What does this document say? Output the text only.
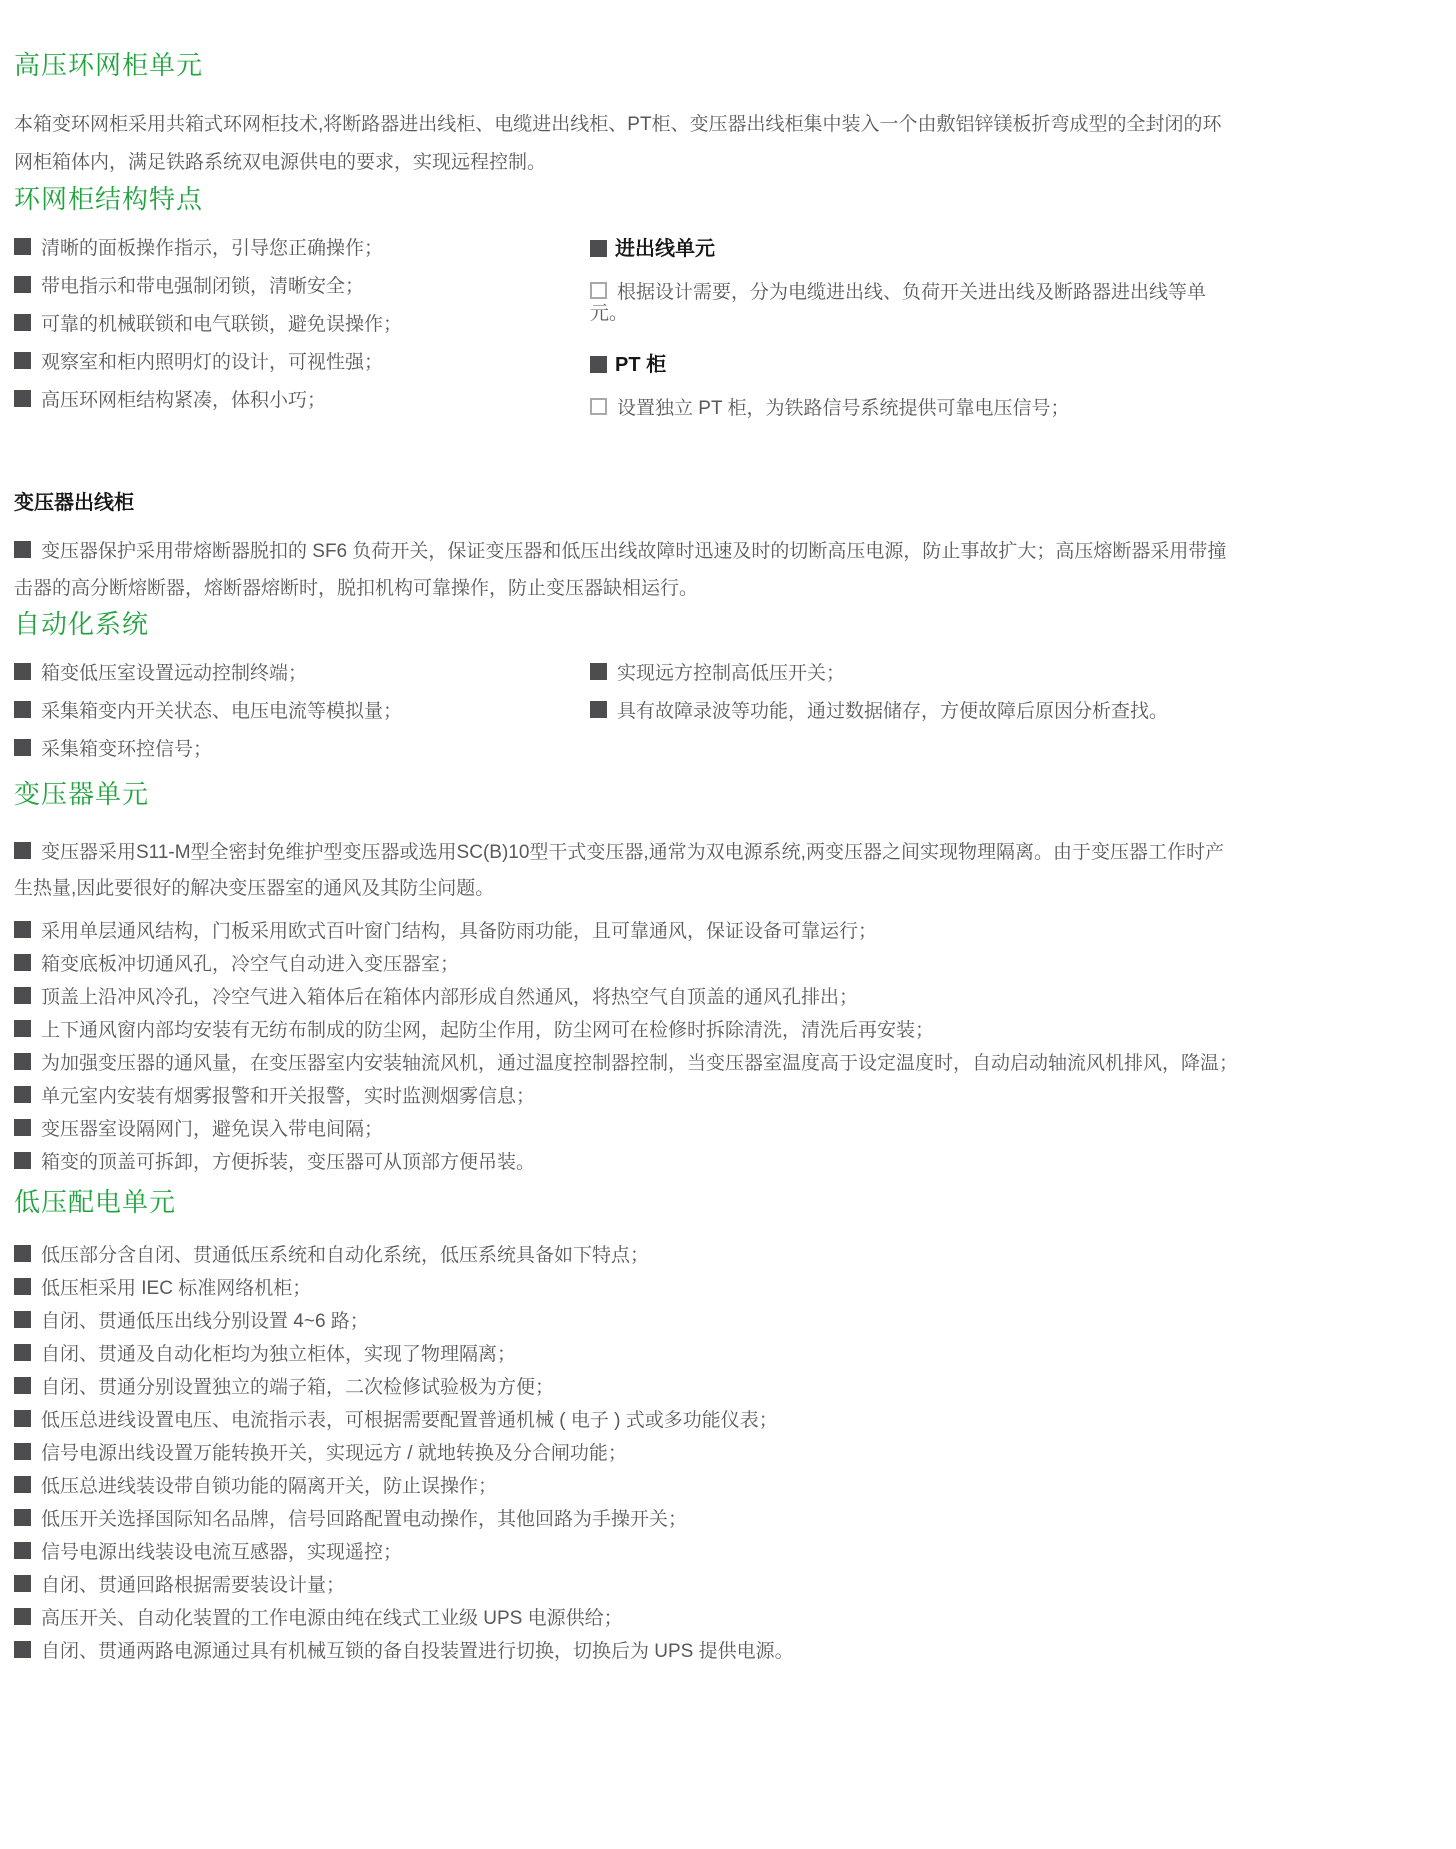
高压环网柜单元

本箱变环网柜采用共箱式环网柜技术,将断路器进出线柜、电缆进出线柜、PT柜、变压器出线柜集中装入一个由敷铝锌镁板折弯成型的全封闭的环网柜箱体内，满足铁路系统双电源供电的要求，实现远程控制。

环网柜结构特点
清晰的面板操作指示，引导您正确操作；
带电指示和带电强制闭锁，清晰安全；
可靠的机械联锁和电气联锁，避免误操作；
观察室和柜内照明灯的设计，可视性强；
高压环网柜结构紧凑，体积小巧；
进出线单元
根据设计需要，分为电缆进出线、负荷开关进出线及断路器进出线等单元。
PT 柜
设置独立 PT 柜，为铁路信号系统提供可靠电压信号；
变压器出线柜

变压器保护采用带熔断器脱扣的 SF6 负荷开关，保证变压器和低压出线故障时迅速及时的切断高压电源，防止事故扩大；高压熔断器采用带撞击器的高分断熔断器，熔断器熔断时，脱扣机构可靠操作，防止变压器缺相运行。

自动化系统
箱变低压室设置远动控制终端；
采集箱变内开关状态、电压电流等模拟量；
采集箱变环控信号；
实现远方控制高低压开关；
具有故障录波等功能，通过数据储存，方便故障后原因分析查找。
变压器单元
变压器采用S11-M型全密封免维护型变压器或选用SC(B)10型干式变压器,通常为双电源系统,两变压器之间实现物理隔离。由于变压器工作时产生热量,因此要很好的解决变压器室的通风及其防尘问题。
采用单层通风结构，门板采用欧式百叶窗门结构，具备防雨功能，且可靠通风，保证设备可靠运行；
箱变底板冲切通风孔，冷空气自动进入变压器室；
顶盖上沿冲风冷孔，冷空气进入箱体后在箱体内部形成自然通风，将热空气自顶盖的通风孔排出；
上下通风窗内部均安装有无纺布制成的防尘网，起防尘作用，防尘网可在检修时拆除清洗，清洗后再安装；
为加强变压器的通风量，在变压器室内安装轴流风机，通过温度控制器控制，当变压器室温度高于设定温度时，自动启动轴流风机排风，降温；
单元室内安装有烟雾报警和开关报警，实时监测烟雾信息；
变压器室设隔网门，避免误入带电间隔；
箱变的顶盖可拆卸，方便拆装，变压器可从顶部方便吊装。
低压配电单元
低压部分含自闭、贯通低压系统和自动化系统，低压系统具备如下特点；
低压柜采用 IEC 标准网络机柜；
自闭、贯通低压出线分别设置 4~6 路；
自闭、贯通及自动化柜均为独立柜体，实现了物理隔离；
自闭、贯通分别设置独立的端子箱，二次检修试验极为方便；
低压总进线设置电压、电流指示表，可根据需要配置普通机械 ( 电子 ) 式或多功能仪表；
信号电源出线设置万能转换开关，实现远方 / 就地转换及分合闸功能；
低压总进线装设带自锁功能的隔离开关，防止误操作；
低压开关选择国际知名品牌，信号回路配置电动操作，其他回路为手操开关；
信号电源出线装设电流互感器，实现遥控；
自闭、贯通回路根据需要装设计量；
高压开关、自动化装置的工作电源由纯在线式工业级 UPS 电源供给；
自闭、贯通两路电源通过具有机械互锁的备自投装置进行切换，切换后为 UPS 提供电源。
